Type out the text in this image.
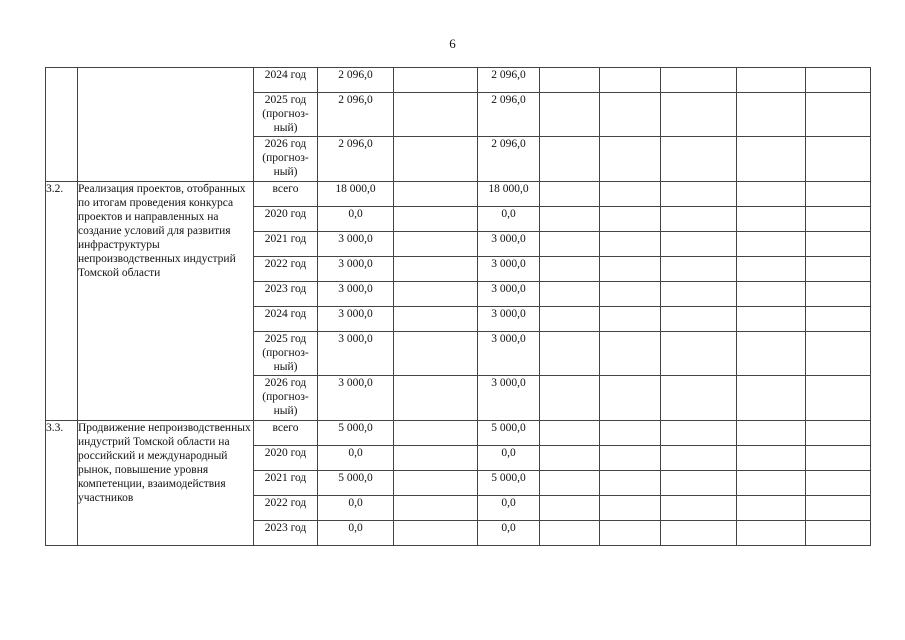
6
		2024 год	2 096,0		2 096,0					
		2025 год (прогноз- ный)	2 096,0		2 096,0					
		2026 год (прогноз- ный)	2 096,0		2 096,0					
3.2.	Реализация проектов, отобранных по итогам проведения конкурса проектов и направленных на создание условий для развития инфраструктуры непроизводственных индустрий Томской области	всего	18 000,0		18 000,0					
		2020 год	0,0		0,0					
		2021 год	3 000,0		3 000,0					
		2022 год	3 000,0		3 000,0					
		2023 год	3 000,0		3 000,0					
		2024 год	3 000,0		3 000,0					
		2025 год (прогноз- ный)	3 000,0		3 000,0					
		2026 год (прогноз- ный)	3 000,0		3 000,0					
3.3.	Продвижение непроизводственных индустрий Томской области на российский и международный рынок, повышение уровня компетенции, взаимодействия участников	всего	5 000,0		5 000,0					
		2020 год	0,0		0,0					
		2021 год	5 000,0		5 000,0					
		2022 год	0,0		0,0					
		2023 год	0,0		0,0					
